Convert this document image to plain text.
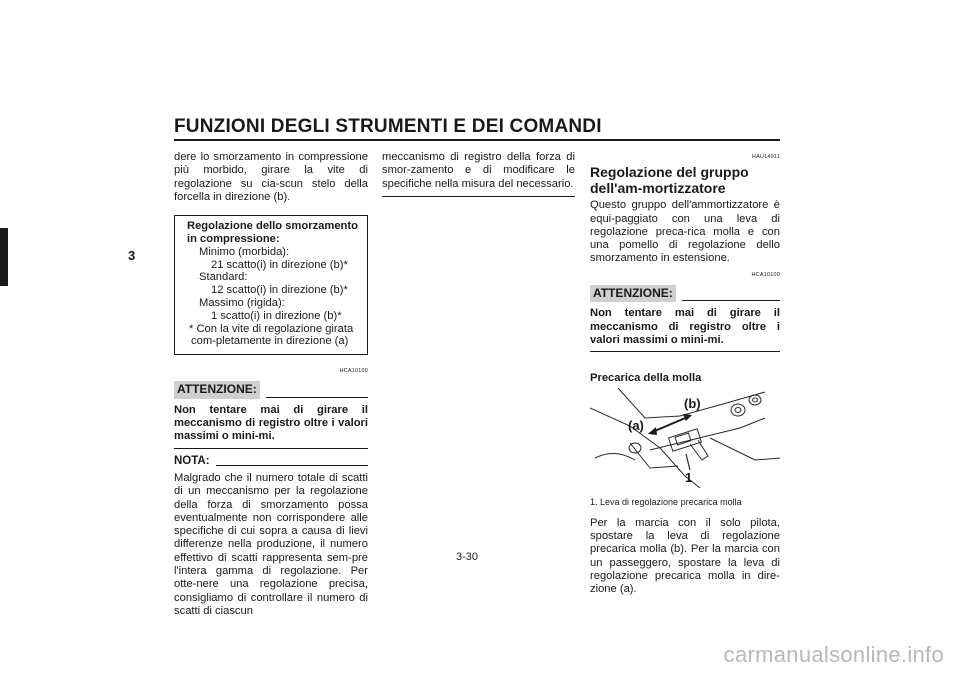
FUNZIONI DEGLI STRUMENTI E DEI COMANDI
3

dere lo smorzamento in compressione più morbido, girare la vite di regolazione su cia-scun stelo della forcella in direzione (b).

Regolazione dello smorzamento in compressione:
Minimo (morbida):
21 scatto(i) in direzione (b)*
Standard:
12 scatto(i) in direzione (b)*
Massimo (rigida):
1 scatto(i) in direzione (b)*
* Con la vite di regolazione girata com-pletamente in direzione (a)
HCA10100
ATTENZIONE:

Non tentare mai di girare il meccanismo di registro oltre i valori massimi o mini-mi.

NOTA:

Malgrado che il numero totale di scatti di un meccanismo per la regolazione della forza di smorzamento possa eventualmente non corrispondere alle specifiche di cui sopra a causa di lievi differenze nella produzione, il numero effettivo di scatti rappresenta sem-pre l'intera gamma di regolazione. Per otte-nere una regolazione precisa, consigliamo di controllare il numero di scatti di ciascun

meccanismo di registro della forza di smor-zamento e di modificare le specifiche nella misura del necessario.

HAU14911
Regolazione del gruppo dell'am-mortizzatore

Questo gruppo dell'ammortizzatore è equi-paggiato con una leva di regolazione preca-rica molla e con una pomello di regolazione dello smorzamento in estensione.

HCA10100
ATTENZIONE:

Non tentare mai di girare il meccanismo di registro oltre i valori massimi o mini-mi.

Precarica della molla

(a)
(b)
1

1. Leva di regolazione precarica molla

Per la marcia con il solo pilota, spostare la leva di regolazione precarica molla (b). Per la marcia con un passeggero, spostare la leva di regolazione precarica molla in dire-zione (a).

3-30
carmanualsonline.info
